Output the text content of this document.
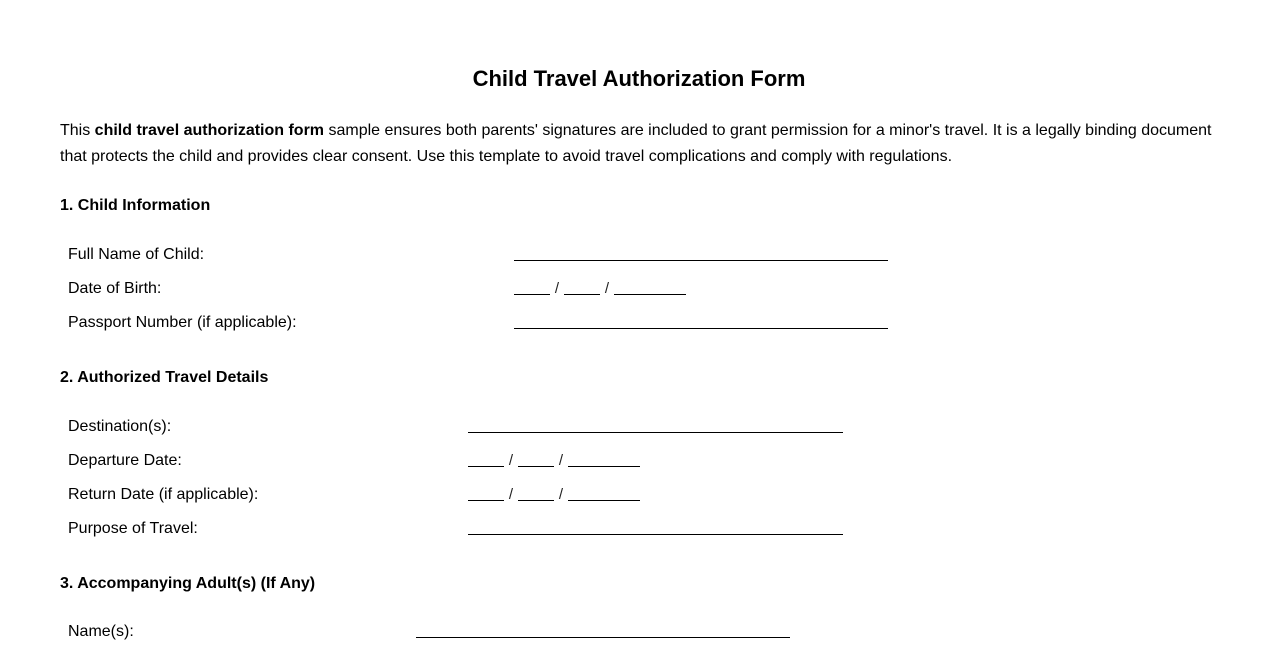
Child Travel Authorization Form

This child travel authorization form sample ensures both parents' signatures are included to grant permission for a minor's travel. It is a legally binding document that protects the child and provides clear consent. Use this template to avoid travel complications and comply with regulations.

1. Child Information
Full Name of Child:
Date of Birth:	/	/
Passport Number (if applicable):
2. Authorized Travel Details
Destination(s):
Departure Date:	/	/
Return Date (if applicable):	/	/
Purpose of Travel:
3. Accompanying Adult(s) (If Any)
Name(s):
